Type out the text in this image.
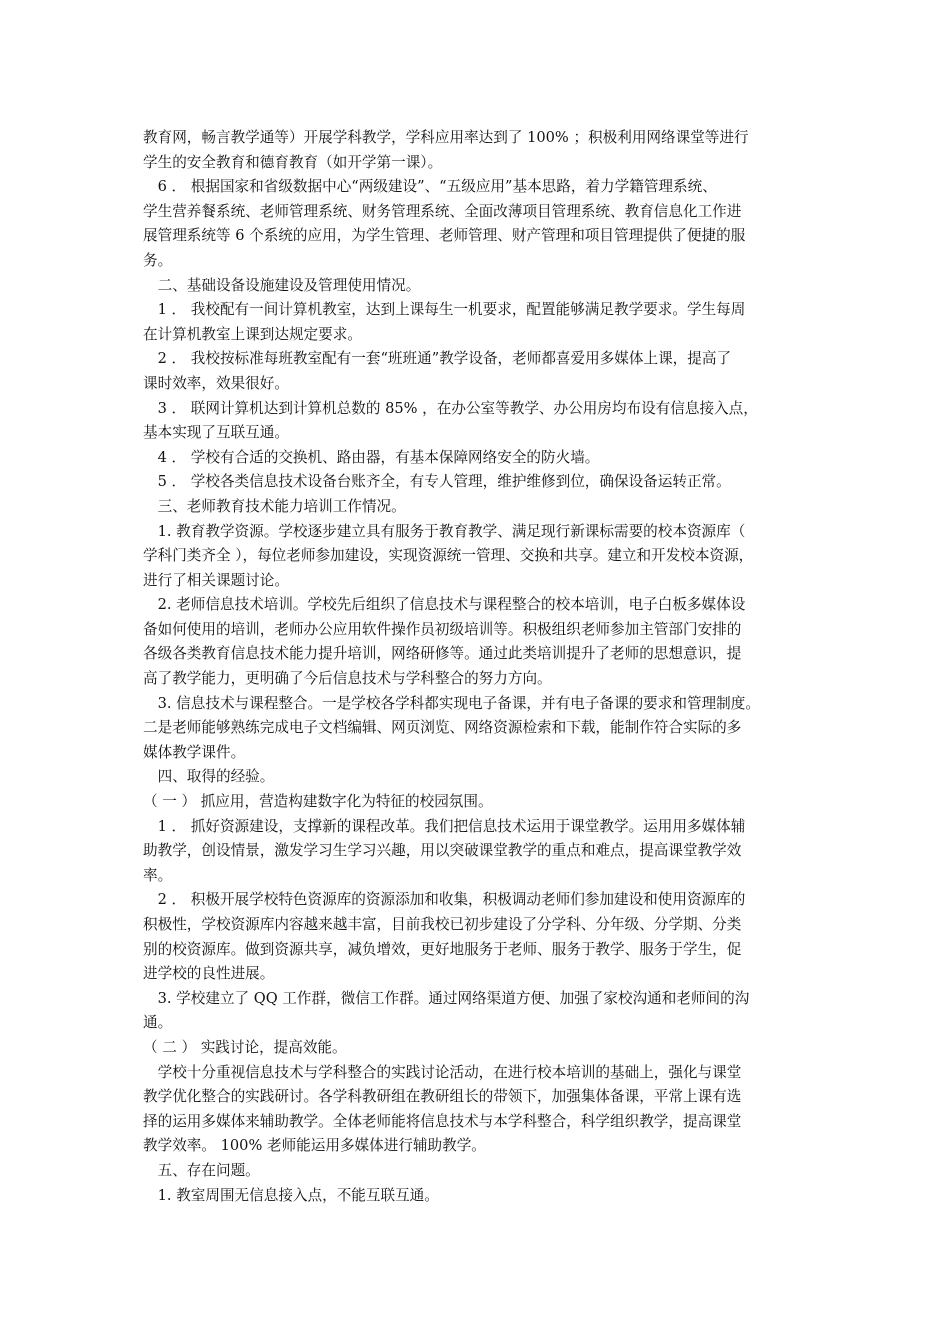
教育网，畅言教学通等）开展学科教学，学科应用率达到了 100% ；积极利用网络课堂等进行
学生的安全教育和德育教育（如开学第一课）。
　6 ． 根据国家和省级数据中心“两级建设”、“五级应用”基本思路，着力学籍管理系统、
学生营养餐系统、老师管理系统、财务管理系统、全面改薄项目管理系统、教育信息化工作进
展管理系统等 6 个系统的应用，为学生管理、老师管理、财产管理和项目管理提供了便捷的服
务。
　二、基础设备设施建设及管理使用情况。
　1 ． 我校配有一间计算机教室，达到上课每生一机要求，配置能够满足教学要求。学生每周
在计算机教室上课到达规定要求。
　2 ． 我校按标准每班教室配有一套“班班通”教学设备，老师都喜爱用多媒体上课，提高了
课时效率，效果很好。
　3 ． 联网计算机达到计算机总数的 85% ，在办公室等教学、办公用房均布设有信息接入点，
基本实现了互联互通。
　4 ． 学校有合适的交换机、路由器，有基本保障网络安全的防火墙。
　5 ． 学校各类信息技术设备台账齐全，有专人管理，维护维修到位，确保设备运转正常。
　三、老师教育技术能力培训工作情况。
　1. 教育教学资源。学校逐步建立具有服务于教育教学、满足现行新课标需要的校本资源库（
学科门类齐全 ），每位老师参加建设，实现资源统一管理、交换和共享。建立和开发校本资源，
进行了相关课题讨论。
　2. 老师信息技术培训。学校先后组织了信息技术与课程整合的校本培训，电子白板多媒体设
备如何使用的培训，老师办公应用软件操作员初级培训等。积极组织老师参加主管部门安排的
各级各类教育信息技术能力提升培训，网络研修等。通过此类培训提升了老师的思想意识，提
高了教学能力，更明确了今后信息技术与学科整合的努力方向。
　3. 信息技术与课程整合。一是学校各学科都实现电子备课，并有电子备课的要求和管理制度。
二是老师能够熟练完成电子文档编辑、网页浏览、网络资源检索和下载，能制作符合实际的多
媒体教学课件。
　四、取得的经验。
（ 一 ） 抓应用，营造构建数字化为特征的校园氛围。
　1 ． 抓好资源建设，支撑新的课程改革。我们把信息技术运用于课堂教学。运用用多媒体辅
助教学，创设情景，激发学习生学习兴趣，用以突破课堂教学的重点和难点，提高课堂教学效
率。
　2 ． 积极开展学校特色资源库的资源添加和收集，积极调动老师们参加建设和使用资源库的
积极性，学校资源库内容越来越丰富，目前我校已初步建设了分学科、分年级、分学期、分类
别的校资源库。做到资源共享，减负增效，更好地服务于老师、服务于教学、服务于学生，促
进学校的良性进展。
　3. 学校建立了 QQ 工作群，微信工作群。通过网络渠道方便、加强了家校沟通和老师间的沟
通。
（ 二 ） 实践讨论，提高效能。
　学校十分重视信息技术与学科整合的实践讨论活动，在进行校本培训的基础上，强化与课堂
教学优化整合的实践研讨。各学科教研组在教研组长的带领下，加强集体备课，平常上课有选
择的运用多媒体来辅助教学。全体老师能将信息技术与本学科整合，科学组织教学，提高课堂
教学效率。 100% 老师能运用多媒体进行辅助教学。
　五、存在问题。
　1. 教室周围无信息接入点，不能互联互通。
